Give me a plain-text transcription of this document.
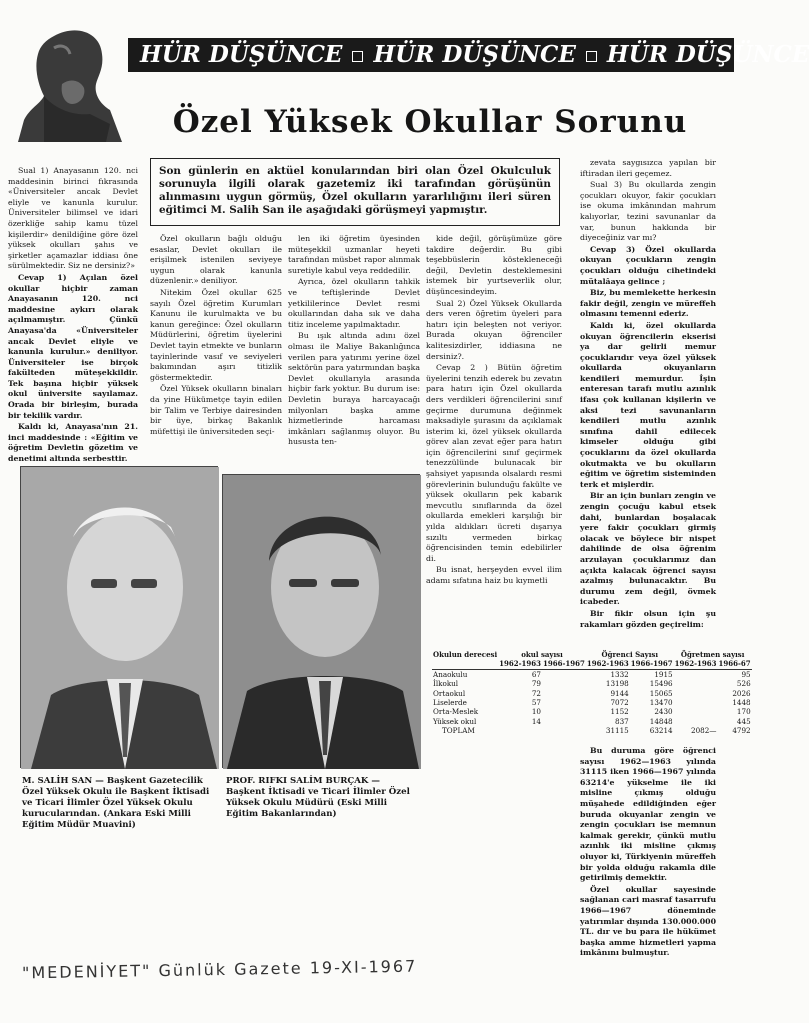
HÜR DÜŞÜNCE HÜR DÜŞÜNCE HÜR DÜŞÜNCE
Özel Yüksek Okullar Sorunu
Son günlerin en aktüel konularından biri olan Özel Okulculuk sorunuyla ilgili olarak gazetemiz iki tarafından görüşünün alınmasını uygun görmüş, Özel okulların yararlılığını ileri süren eğitimci M. Salih San ile aşağıdaki görüşmeyi yapmıştır.

Sual 1) Anayasanın 120. nci maddesinin birinci fıkrasında «Üniversiteler ancak Devlet eliyle ve kanunla kurulur. Üniversiteler bilimsel ve idari özerkliğe sahip kamu tüzel kişilerdir» denildiğine göre özel yüksek okulları şahıs ve şirketler açamazlar iddiası öne sürülmektedir. Siz ne dersiniz?»

Cevap 1) Açılan özel okullar hiçbir zaman Anayasanın 120. nci maddesine aykırı olarak açılmamıştır. Çünkü Anayasa'da «Üniversiteler ancak Devlet eliyle ve kanunla kurulur.» deniliyor. Üniversiteler ise birçok fakülteden müteşekkildir. Tek başına hiçbir yüksek okul üniversite sayılamaz. Orada bir birleşim, burada bir tekilik vardır.

Kaldı ki, Anayasa'nın 21. inci maddesinde : «Eğitim ve öğretim Devletin gözetim ve denetimi altında serbesttir.

Özel okulların bağlı olduğu esaslar, Devlet okulları ile erişilmek istenilen seviyeye uygun olarak kanunla düzenlenir.» deniliyor.

Nitekim Özel okullar 625 sayılı Özel öğretim Kurumları Kanunu ile kurulmakta ve bu kanun gereğince: Özel okulların Müdürlerini, öğretim üyelerini Devlet tayin etmekte ve bunların tayinlerinde vasıf ve seviyeleri bakımından aşırı titizlik göstermektedir.

Özel Yüksek okulların binaları da yine Hükümetçe tayin edilen bir Talim ve Terbiye dairesinden bir üye, birkaç Bakanlık müfettişi ile üniversiteden seçi-

len iki öğretim üyesinden müteşekkil uzmanlar heyeti tarafından müsbet rapor alınmak suretiyle kabul veya reddedilir.

Ayrıca, özel okulların tahkik ve teftişlerinde Devlet yetkililerince Devlet resmi okullarından daha sık ve daha titiz inceleme yapılmaktadır.

Bu ışık altında adını özel olması ile Maliye Bakanlığınca verilen para yatırımı yerine özel sektörün para yatırmından başka Devlet okullarıyla arasında hiçbir fark yoktur. Bu durum ise: Devletin buraya harcayacağı milyonları başka amme hizmetlerinde harcaması imkânları sağlanmış oluyor. Bu hususta ten-

kide değil, görüşümüze göre takdire değerdir. Bu gibi teşebbüslerin köstekleneceği değil, Devletin desteklemesini istemek bir yurtseverlik olur, düşüncesindeyim.

Sual 2) Özel Yüksek Okullarda ders veren öğretim üyeleri para hatırı için beleşten not veriyor. Burada okuyan öğrenciler kalitesizdirler, iddiasına ne dersiniz?.

Cevap 2 ) Bütün öğretim üyelerini tenzih ederek bu zevatın para hatırı için Özel okullarda ders verdikleri öğrencilerini sınıf geçirme durumuna değinmek maksadiyle şurasını da açıklamak isterim ki, özel yüksek okullarda görev alan zevat eğer para hatırı için öğrencilerini sınıf geçirmek tenezzülünde bulunacak bir şahsiyet yapısında olsalardı resmi görevlerinin bulunduğu fakülte ve yüksek okulların pek kabarık mevcutlu sınıflarında da özel okullarda emekleri karşılığı bir yılda aldıkları ücreti dışarıya sızıltı vermeden birkaç öğrencisinden temin edebilirler di.

Bu isnat, herşeyden evvel ilim adamı sıfatına haiz bu kıymetli

zevata saygısızca yapılan bir iftiradan ileri geçemez.

Sual 3) Bu okullarda zengin çocukları okuyor, fakir çocukları ise okuma imkânından mahrum kalıyorlar, tezini savunanlar da var, bunun hakkında bir diyeceğiniz var mı?

Cevap 3) Özel okullarda okuyan çocukların zengin çocukları olduğu cihetindeki mütalâaya gelince ;

Biz, bu memlekette herkesin fakir değil, zengin ve müreffeh olmasını temenni ederiz.

Kaldı ki, özel okullarda okuyan öğrencilerin ekserisi ya dar gelirli memur çocuklarıdır veya özel yüksek okullarda okuyanların kendileri memurdur. İşin enteresan tarafı mutlu azınlık ifası çok kullanan kişilerin ve aksi tezi savunanların kendileri mutlu azınlık sınıfına dahil edilecek kimseler olduğu gibi çocuklarını da özel okullarda okutmakta ve bu okulların eğitim ve öğretim sisteminden terk et mişlerdir.

Bir an için bunları zengin ve zengin çocuğu kabul etsek dahi, bunlardan boşalacak yere fakir çocukları girmiş olacak ve böylece bir nispet dahilinde de olsa öğrenim arzulayan çocuklarımız dan açıkta kalacak öğrenci sayısı azalmış bulunacaktır. Bu durumu zem değil, övmek icabeder.

Bir fikir olsun için şu rakamları gözden geçirelim:

M. SALİH SAN — Başkent Gazetecilik Özel Yüksek Okulu ile Başkent İktisadi ve Ticari İlimler Özel Yüksek Okulu kurucularından. (Ankara Eski Milli Eğitim Müdür Muavini)
PROF. RIFKI SALİM BURÇAK — Başkent İktisadi ve Ticari İlimler Özel Yüksek Okulu Müdürü (Eski Milli Eğitim Bakanlarından)
Okulun derecesi	okul sayısı		Öğrenci Sayısı		Öğretmen sayısı	
	1962-1963	1966-1967	1962-1963	1966-1967	1962-1963	1966-67
Anaokulu	67		1332	1915		95
İlkokul	79		13198	15496		526
Ortaokul	72		9144	15065		2026
Liselerde	57		7072	13470		1448
Orta-Meslek	10		1152	2430		170
Yüksek okul	14		837	14848		445
TOPLAM			31115	63214	2082—	4792

Bu duruma göre öğrenci sayısı 1962—1963 yılında 31115 iken 1966—1967 yılında 63214'e yükselme ile iki misline çıkmış olduğu müşahede edildiğinden eğer buruda okuyanlar zengin ve zengin çocukları ise memnun kalmak gerekir, çünkü mutlu azınlık iki misline çıkmış oluyor ki, Türkiyenin müreffeh bir yolda olduğu rakamla dile getirilmiş demektir.

Özel okullar sayesinde sağlanan cari masraf tasarrufu 1966—1967 döneminde yatırımlar dışında 130.000.000 TL. dır ve bu para ile hükümet başka amme hizmetleri yapma imkânını bulmuştur.

"MEDENİYET" Günlük Gazete 19-XI-1967
